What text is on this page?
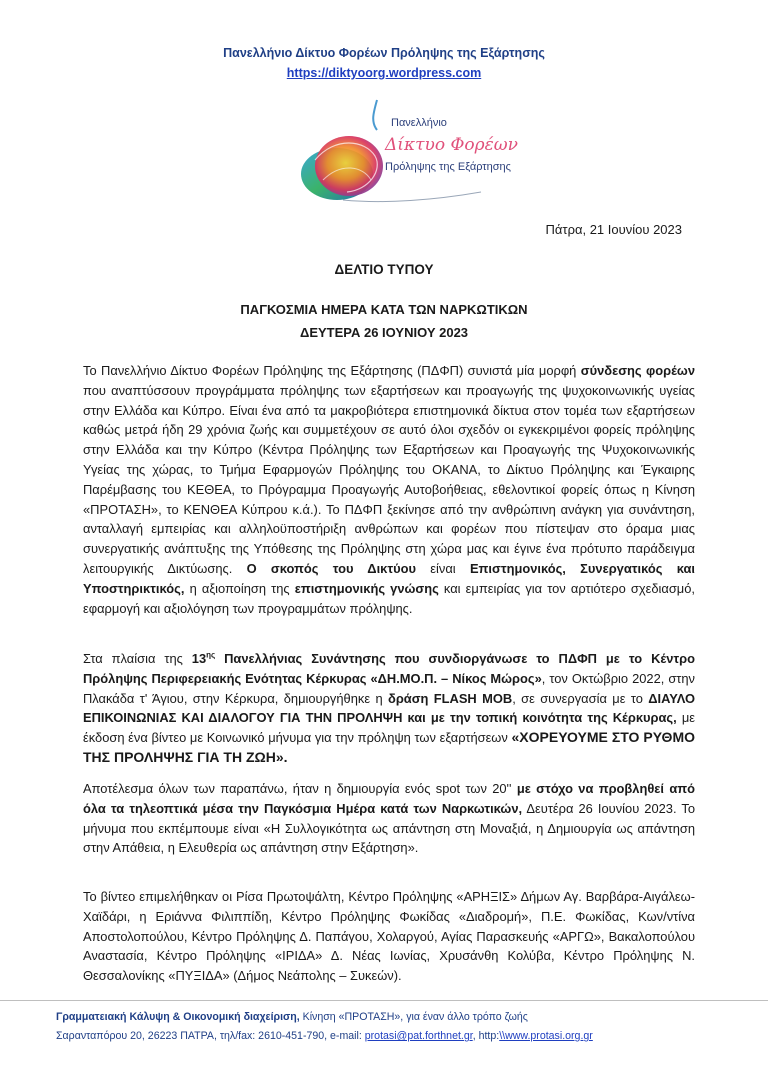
Πανελλήνιο Δίκτυο Φορέων Πρόληψης της Εξάρτησης
https://diktyoorg.wordpress.com
Πανελλήνιο
Δίκτυο Φορέων
Πρόληψης της Εξάρτησης
Πάτρα, 21 Ιουνίου 2023
ΔΕΛΤΙΟ ΤΥΠΟΥ
ΠΑΓΚΟΣΜΙΑ ΗΜΕΡΑ ΚΑΤΑ ΤΩΝ ΝΑΡΚΩΤΙΚΩΝ
ΔΕΥΤΕΡΑ 26 ΙΟΥΝΙΟΥ 2023
Το Πανελλήνιο Δίκτυο Φορέων Πρόληψης της Εξάρτησης (ΠΔΦΠ) συνιστά μία μορφή σύνδεσης φορέων που αναπτύσσουν προγράμματα πρόληψης των εξαρτήσεων και προαγωγής της ψυχοκοινωνικής υγείας στην Ελλάδα και Κύπρο. Είναι ένα από τα μακροβιότερα επιστημονικά δίκτυα στον τομέα των εξαρτήσεων καθώς μετρά ήδη 29 χρόνια ζωής και συμμετέχουν σε αυτό όλοι σχεδόν οι εγκεκριμένοι φορείς πρόληψης στην Ελλάδα και την Κύπρο (Κέντρα Πρόληψης των Εξαρτήσεων και Προαγωγής της Ψυχοκοινωνικής Υγείας της χώρας, το Τμήμα Εφαρμογών Πρόληψης του ΟΚΑΝΑ, το Δίκτυο Πρόληψης και Έγκαιρης Παρέμβασης του ΚΕΘΕΑ, το Πρόγραμμα Προαγωγής Αυτοβοήθειας, εθελοντικοί φορείς όπως η Κίνηση «ΠΡΟΤΑΣΗ», το ΚΕΝΘΕΑ Κύπρου κ.ά.). Το ΠΔΦΠ ξεκίνησε από την ανθρώπινη ανάγκη για συνάντηση, ανταλλαγή εμπειρίας και αλληλοϋποστήριξη ανθρώπων και φορέων που πίστεψαν στο όραμα μιας συνεργατικής ανάπτυξης της Υπόθεσης της Πρόληψης στη χώρα μας και έγινε ένα πρότυπο παράδειγμα λειτουργικής Δικτύωσης. Ο σκοπός του Δικτύου είναι Επιστημονικός, Συνεργατικός και Υποστηρικτικός, η αξιοποίηση της επιστημονικής γνώσης και εμπειρίας για τον αρτιότερο σχεδιασμό, εφαρμογή και αξιολόγηση των προγραμμάτων πρόληψης.
Στα πλαίσια της $13^{\eta\varsigma}$ Πανελλήνιας Συνάντησης που συνδιοργάνωσε το ΠΔΦΠ με το Κέντρο Πρόληψης Περιφερειακής Ενότητας Κέρκυρας «ΔΗ.ΜΟ.Π. – Νίκος Μώρος», τον Οκτώβριο 2022, στην Πλακάδα τ' Άγιου, στην Κέρκυρα, δημιουργήθηκε η δράση FLASH MOB, σε συνεργασία με το ΔΙΑΥΛΟ ΕΠΙΚΟΙΝΩΝΙΑΣ ΚΑΙ ΔΙΑΛΟΓΟΥ ΓΙΑ ΤΗΝ ΠΡΟΛΗΨΗ και με την τοπική κοινότητα της Κέρκυρας, με έκδοση ένα βίντεο με Κοινωνικό μήνυμα για την πρόληψη των εξαρτήσεων «ΧΟΡΕΥΟΥΜΕ ΣΤΟ ΡΥΘΜΟ ΤΗΣ ΠΡΟΛΗΨΗΣ ΓΙΑ ΤΗ ΖΩΗ».
Αποτέλεσμα όλων των παραπάνω, ήταν η δημιουργία ενός spot των 20'' με στόχο να προβληθεί από όλα τα τηλεοπτικά μέσα την Παγκόσμια Ημέρα κατά των Ναρκωτικών, Δευτέρα 26 Ιουνίου 2023. Το μήνυμα που εκπέμπουμε είναι «Η Συλλογικότητα ως απάντηση στη Μοναξιά, η Δημιουργία ως απάντηση στην Απάθεια, η Ελευθερία ως απάντηση στην Εξάρτηση».
Το βίντεο επιμελήθηκαν οι Ρίσα Πρωτοψάλτη, Κέντρο Πρόληψης «ΑΡΗΞΙΣ» Δήμων Αγ. Βαρβάρα-Αιγάλεω-Χαϊδάρι, η Εριάννα Φιλιππίδη, Κέντρο Πρόληψης Φωκίδας «Διαδρομή», Π.Ε. Φωκίδας, Κων/ντίνα Αποστολοπούλου, Κέντρο Πρόληψης Δ. Παπάγου, Χολαργού, Αγίας Παρασκευής «ΑΡΓΩ», Βακαλοπούλου Αναστασία, Κέντρο Πρόληψης «ΙΡΙΔΑ» Δ. Νέας Ιωνίας, Χρυσάνθη Κολύβα, Κέντρο Πρόληψης Ν. Θεσσαλονίκης «ΠΥΞΙΔΑ» (Δήμος Νεάπολης – Συκεών).
Γραμματειακή Κάλυψη & Οικονομική διαχείριση, Κίνηση «ΠΡΟΤΑΣΗ», για έναν άλλο τρόπο ζωής
Σαρανταπόρου 20, 26223 ΠΑΤΡΑ, τηλ/fax: 2610-451-790, e-mail: protasi@pat.forthnet.gr, http:\\www.protasi.org.gr
